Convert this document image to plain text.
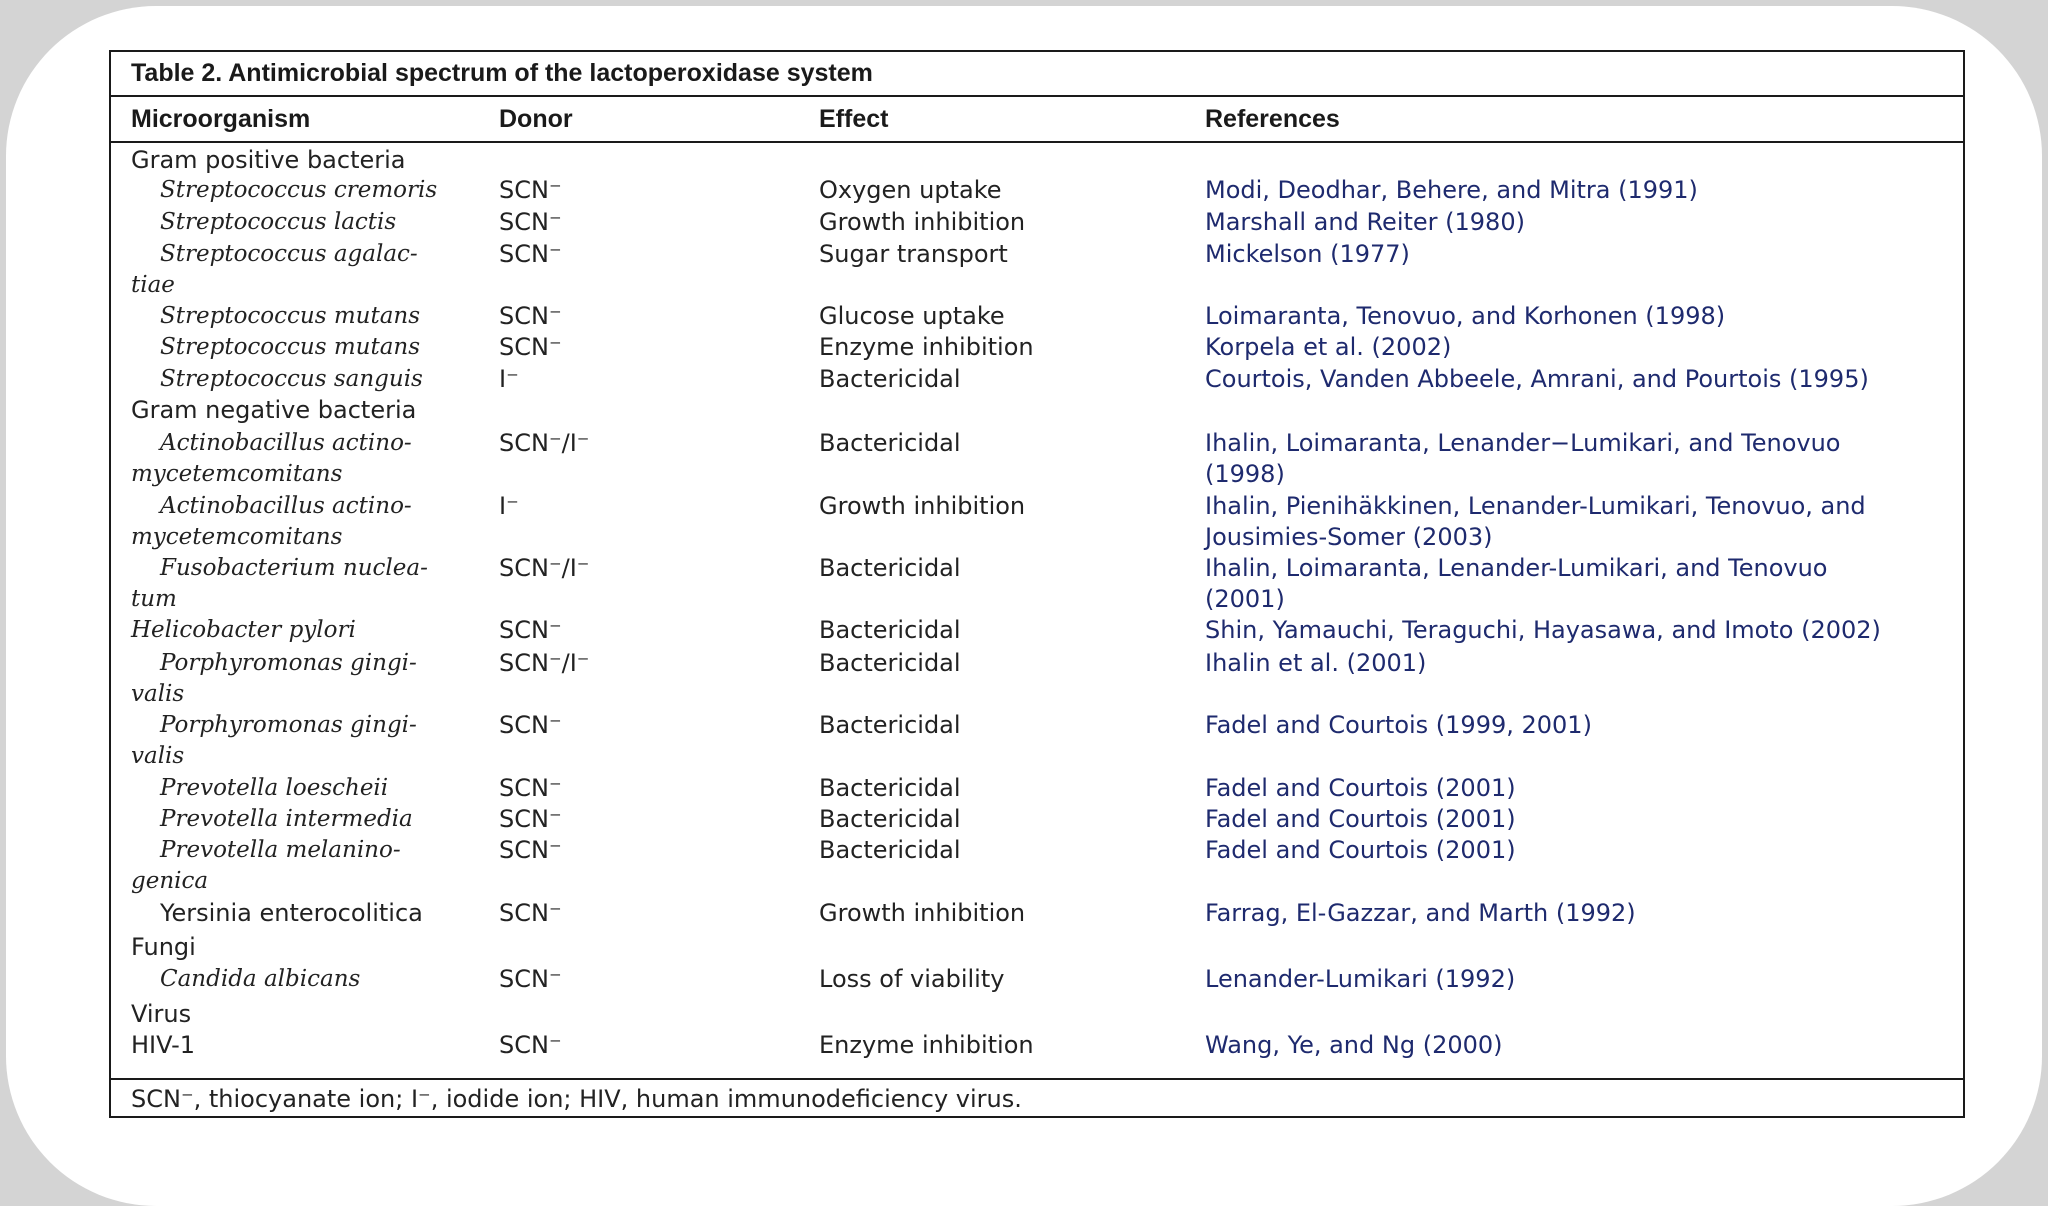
Table 2. Antimicrobial spectrum of the lactoperoxidase system
Microorganism	Donor	Effect	References
Gram positive bacteria
Streptococcus cremoris	SCN⁻	Oxygen uptake	Modi, Deodhar, Behere, and Mitra (1991)
Streptococcus lactis	SCN⁻	Growth inhibition	Marshall and Reiter (1980)
Streptococcus agalac-
tiae
SCN⁻	Sugar transport	Mickelson (1977)
Streptococcus mutans	SCN⁻	Glucose uptake	Loimaranta, Tenovuo, and Korhonen (1998)
Streptococcus mutans	SCN⁻	Enzyme inhibition	Korpela et al. (2002)
Streptococcus sanguis	I⁻	Bactericidal	Courtois, Vanden Abbeele, Amrani, and Pourtois (1995)
Gram negative bacteria
Actinobacillus actino-
mycetemcomitans
SCN⁻/I⁻	Bactericidal	Ihalin, Loimaranta, Lenander−Lumikari, and Tenovuo
(1998)
Actinobacillus actino-
mycetemcomitans
I⁻	Growth inhibition	Ihalin, Pienihäkkinen, Lenander-Lumikari, Tenovuo, and
Jousimies-Somer (2003)
Fusobacterium nuclea-
tum
SCN⁻/I⁻	Bactericidal	Ihalin, Loimaranta, Lenander-Lumikari, and Tenovuo
(2001)
Helicobacter pylori	SCN⁻	Bactericidal	Shin, Yamauchi, Teraguchi, Hayasawa, and Imoto (2002)
Porphyromonas gingi-
valis
SCN⁻/I⁻	Bactericidal	Ihalin et al. (2001)
Porphyromonas gingi-
valis
SCN⁻	Bactericidal	Fadel and Courtois (1999, 2001)
Prevotella loescheii	SCN⁻	Bactericidal	Fadel and Courtois (2001)
Prevotella intermedia	SCN⁻	Bactericidal	Fadel and Courtois (2001)
Prevotella melanino-
genica
SCN⁻	Bactericidal	Fadel and Courtois (2001)
Yersinia enterocolitica	SCN⁻	Growth inhibition	Farrag, El-Gazzar, and Marth (1992)
Fungi
Candida albicans	SCN⁻	Loss of viability	Lenander-Lumikari (1992)
Virus
HIV-1	SCN⁻	Enzyme inhibition	Wang, Ye, and Ng (2000)
SCN⁻, thiocyanate ion; I⁻, iodide ion; HIV, human immunodeficiency virus.
